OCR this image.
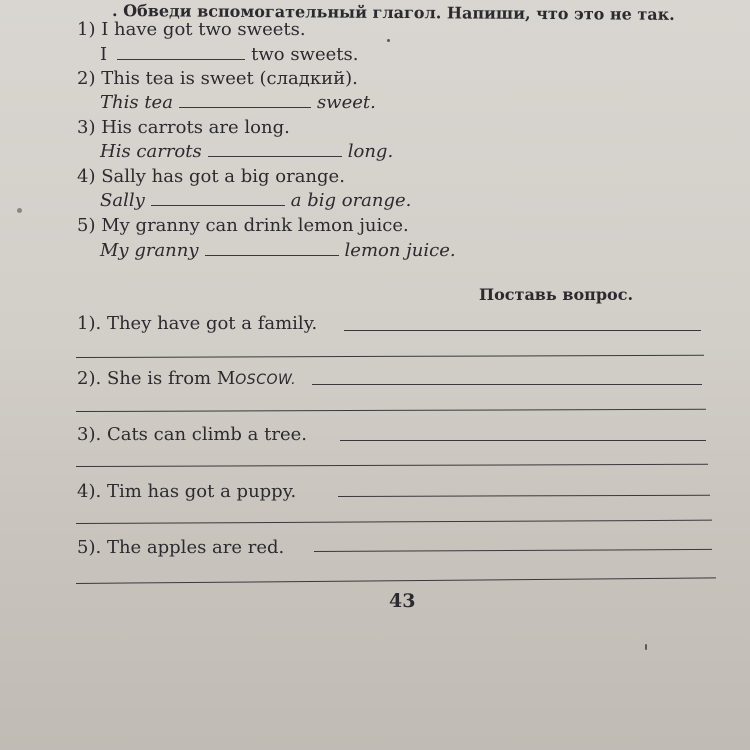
. Обведи вспомогательный глагол. Напиши, что это не так.
1) I have got two sweets.
I	two sweets.
2) This tea is sweet (сладкий).
This tea	sweet.
3) His carrots are long.
His carrots	long.
4) Sally has got a big orange.
Sally	a big orange.
5) My granny can drink lemon juice.
My granny	lemon juice.
Поставь вопрос.
1). They have got a family.
2). She is from MOSCOW.
3). Cats can climb a tree.
4). Tim has got a puppy.
5). The apples are red.
43
